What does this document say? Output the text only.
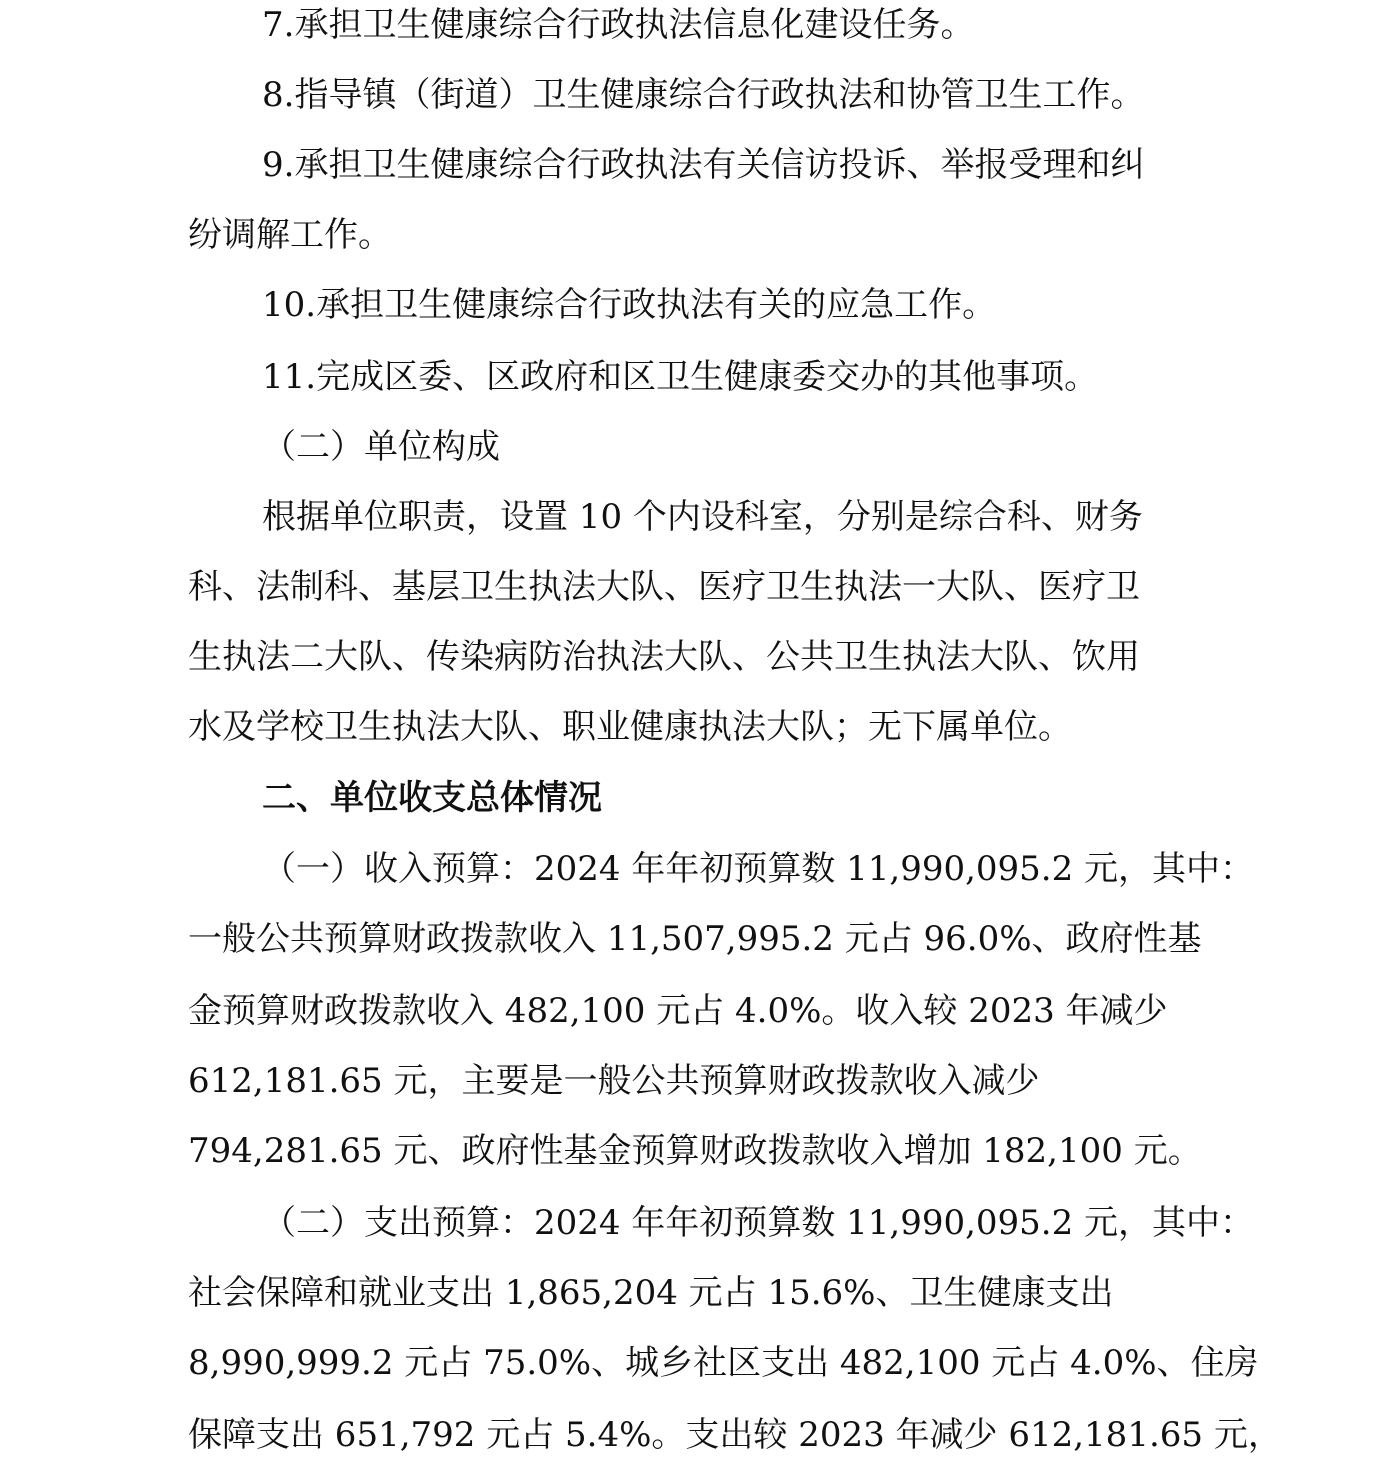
7.承担卫生健康综合行政执法信息化建设任务。
8.指导镇（街道）卫生健康综合行政执法和协管卫生工作。
9.承担卫生健康综合行政执法有关信访投诉、举报受理和纠
纷调解工作。
10.承担卫生健康综合行政执法有关的应急工作。
11.完成区委、区政府和区卫生健康委交办的其他事项。
（二）单位构成
根据单位职责，设置 10 个内设科室，分别是综合科、财务
科、法制科、基层卫生执法大队、医疗卫生执法一大队、医疗卫
生执法二大队、传染病防治执法大队、公共卫生执法大队、饮用
水及学校卫生执法大队、职业健康执法大队；无下属单位。
二、单位收支总体情况
（一）收入预算：2024 年年初预算数 11,990,095.2 元，其中：
一般公共预算财政拨款收入 11,507,995.2 元占 96.0%、政府性基
金预算财政拨款收入 482,100 元占 4.0%。收入较 2023 年减少
612,181.65 元，主要是一般公共预算财政拨款收入减少
794,281.65 元、政府性基金预算财政拨款收入增加 182,100 元。
（二）支出预算：2024 年年初预算数 11,990,095.2 元，其中：
社会保障和就业支出 1,865,204 元占 15.6%、卫生健康支出
8,990,999.2 元占 75.0%、城乡社区支出 482,100 元占 4.0%、住房
保障支出 651,792 元占 5.4%。支出较 2023 年减少 612,181.65 元，
